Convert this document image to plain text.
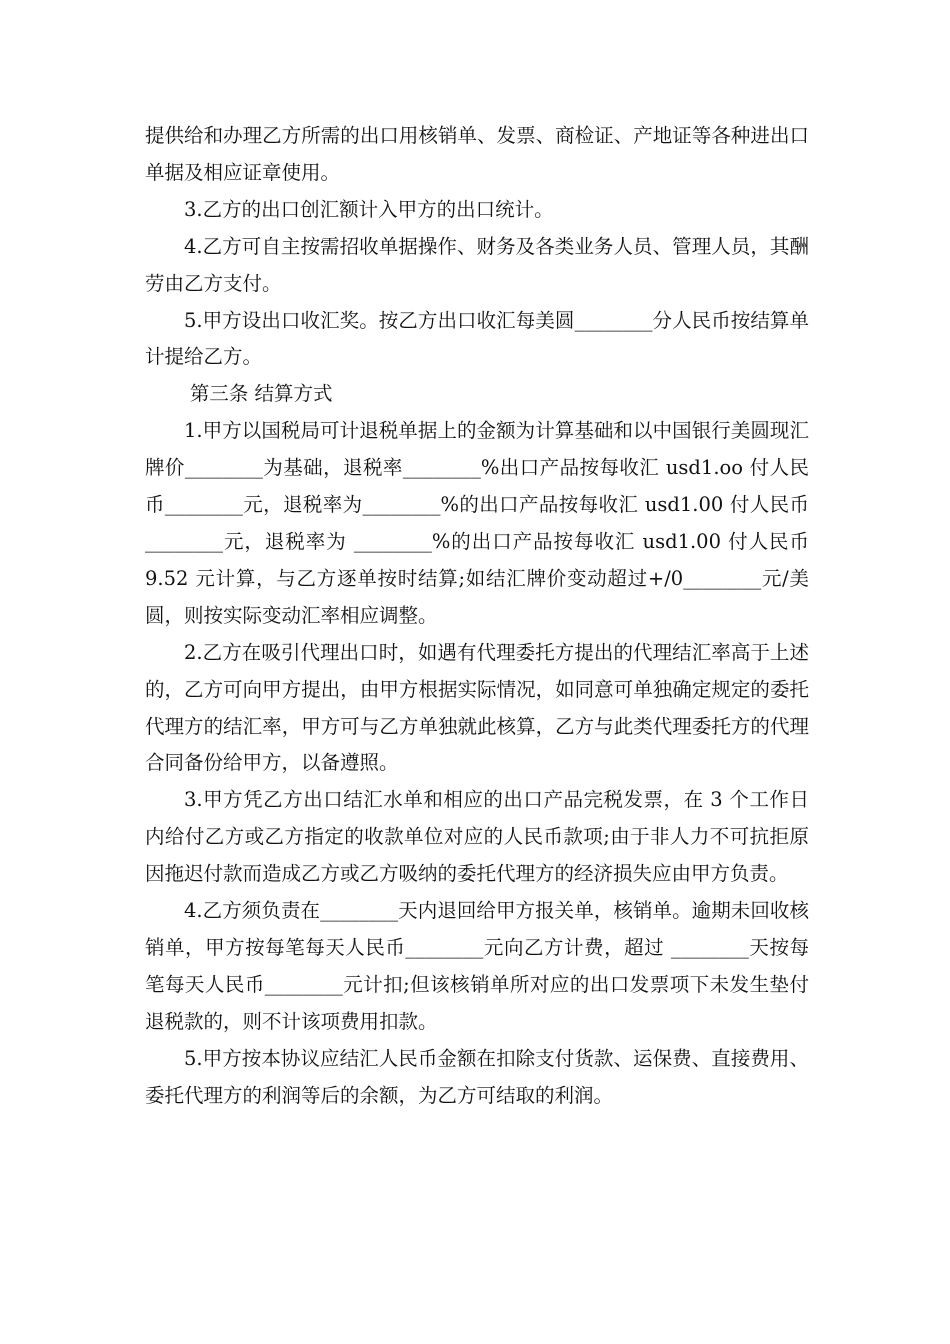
提供给和办理乙方所需的出口用核销单、发票、商检证、产地证等各种进出口单据及相应证章使用。

3.乙方的出口创汇额计入甲方的出口统计。

4.乙方可自主按需招收单据操作、财务及各类业务人员、管理人员，其酬劳由乙方支付。

5.甲方设出口收汇奖。按乙方出口收汇每美圆________分人民币按结算单计提给乙方。

第三条 结算方式

1.甲方以国税局可计退税单据上的金额为计算基础和以中国银行美圆现汇牌价________为基础，退税率________%出口产品按每收汇 usd1.oo 付人民币________元，退税率为________%的出口产品按每收汇 usd1.00 付人民币________元，退税率为 ________%的出口产品按每收汇 usd1.00 付人民币 9.52 元计算，与乙方逐单按时结算;如结汇牌价变动超过+/0________元/美圆，则按实际变动汇率相应调整。

2.乙方在吸引代理出口时，如遇有代理委托方提出的代理结汇率高于上述的，乙方可向甲方提出，由甲方根据实际情况，如同意可单独确定规定的委托代理方的结汇率，甲方可与乙方单独就此核算，乙方与此类代理委托方的代理合同备份给甲方，以备遵照。

3.甲方凭乙方出口结汇水单和相应的出口产品完税发票，在 3 个工作日内给付乙方或乙方指定的收款单位对应的人民币款项;由于非人力不可抗拒原因拖迟付款而造成乙方或乙方吸纳的委托代理方的经济损失应由甲方负责。

4.乙方须负责在________天内退回给甲方报关单，核销单。逾期未回收核销单，甲方按每笔每天人民币________元向乙方计费，超过 ________天按每笔每天人民币________元计扣;但该核销单所对应的出口发票项下未发生垫付退税款的，则不计该项费用扣款。

5.甲方按本协议应结汇人民币金额在扣除支付货款、运保费、直接费用、委托代理方的利润等后的余额，为乙方可结取的利润。
